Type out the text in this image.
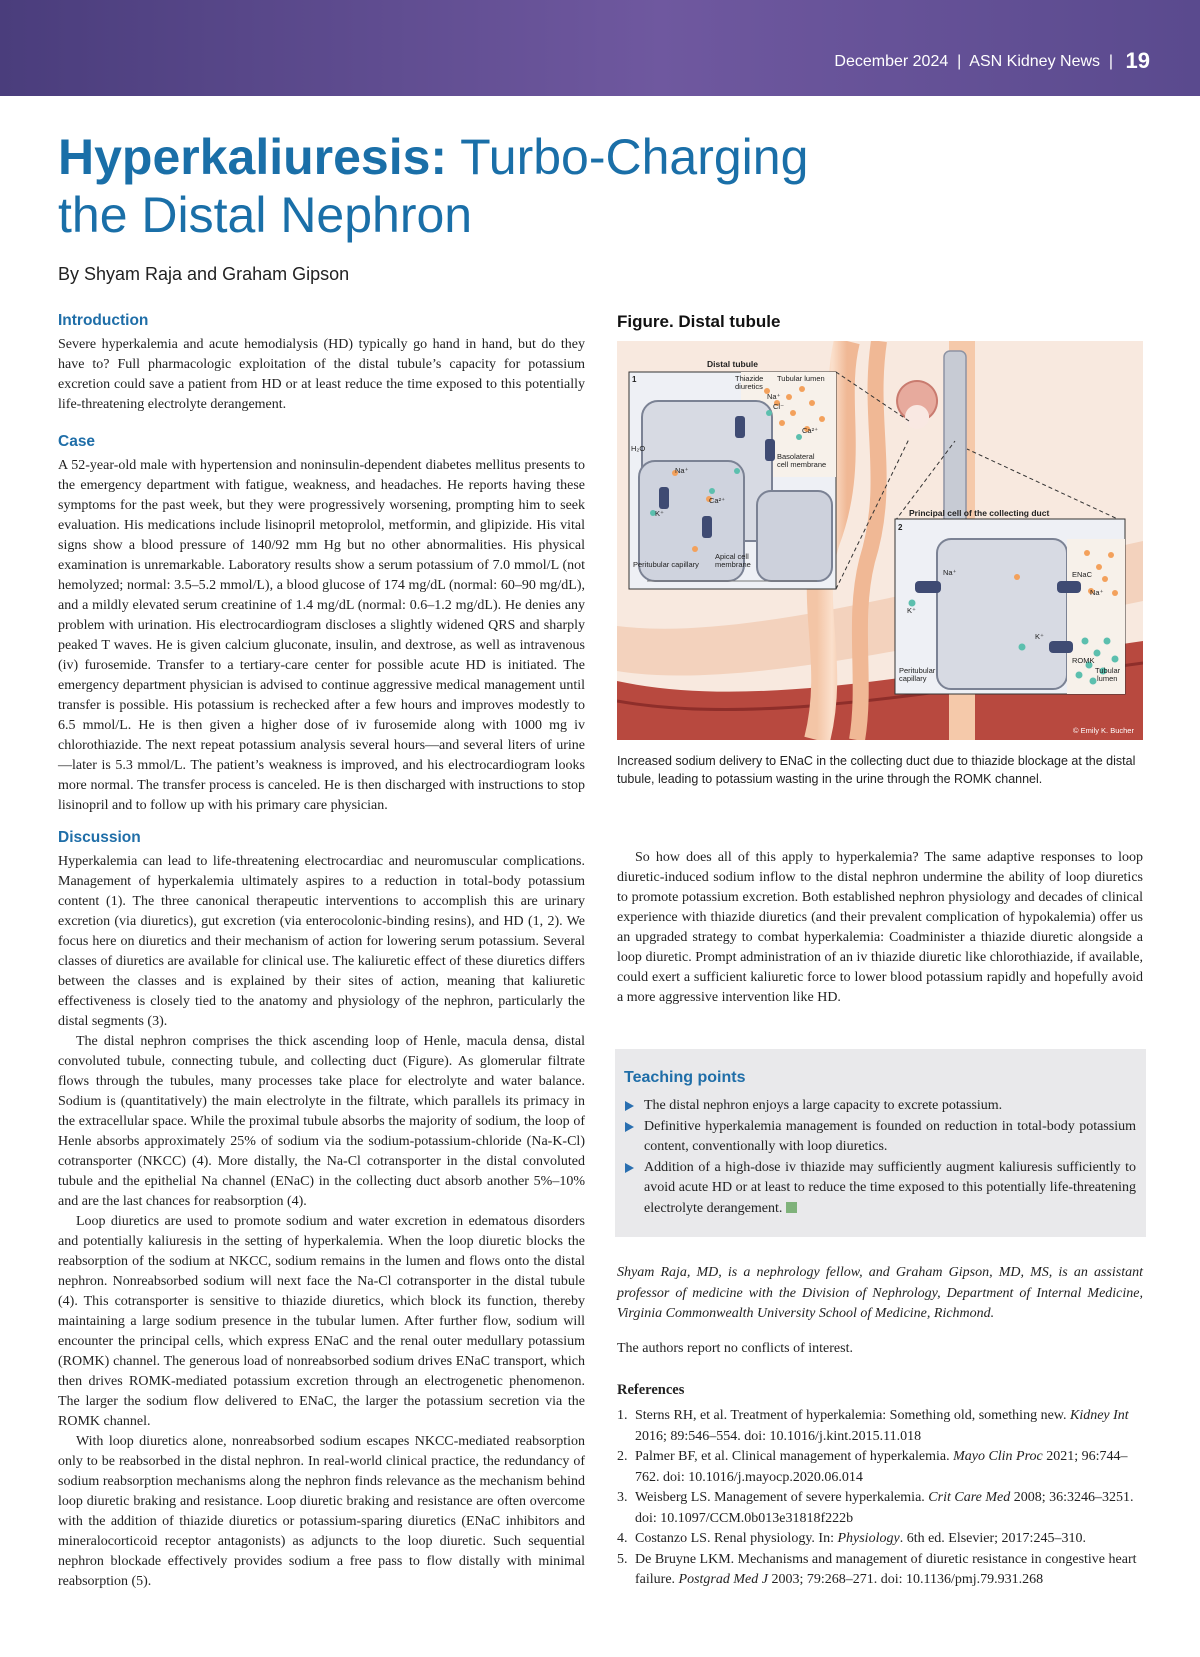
December 2024 | ASN Kidney News | 19
Hyperkaliuresis: Turbo-Charging
the Distal Nephron
By Shyam Raja and Graham Gipson
Introduction

Severe hyperkalemia and acute hemodialysis (HD) typically go hand in hand, but do they have to? Full pharmacologic exploitation of the distal tubule’s capacity for potassium excretion could save a patient from HD or at least reduce the time exposed to this potentially life-threatening electrolyte derangement.

Case

A 52-year-old male with hypertension and noninsulin-dependent diabetes mellitus presents to the emergency department with fatigue, weakness, and headaches. He reports having these symptoms for the past week, but they were progressively worsening, prompting him to seek evaluation. His medications include lisinopril metoprolol, metformin, and glipizide. His vital signs show a blood pressure of 140/92 mm Hg but no other abnormalities. His physical examination is unremarkable. Laboratory results show a serum potassium of 7.0 mmol/L (not hemolyzed; normal: 3.5–5.2 mmol/L), a blood glucose of 174 mg/dL (normal: 60–90 mg/dL), and a mildly elevated serum creatinine of 1.4 mg/dL (normal: 0.6–1.2 mg/dL). He denies any problem with urination. His electrocardiogram discloses a slightly widened QRS and sharply peaked T waves. He is given calcium gluconate, insulin, and dextrose, as well as intravenous (iv) furosemide. Transfer to a tertiary-care center for possible acute HD is initiated. The emergency department physician is advised to continue aggressive medical management until transfer is possible. His potassium is rechecked after a few hours and improves modestly to 6.5 mmol/L. He is then given a higher dose of iv furosemide along with 1000 mg iv chlorothiazide. The next repeat potassium analysis several hours—and several liters of urine—later is 5.3 mmol/L. The patient’s weakness is improved, and his electrocardiogram looks more normal. The transfer process is canceled. He is then discharged with instructions to stop lisinopril and to follow up with his primary care physician.

Discussion

Hyperkalemia can lead to life-threatening electrocardiac and neuromuscular complications. Management of hyperkalemia ultimately aspires to a reduction in total-body potassium content (1). The three canonical therapeutic interventions to accomplish this are urinary excretion (via diuretics), gut excretion (via enterocolonic-binding resins), and HD (1, 2). We focus here on diuretics and their mechanism of action for lowering serum potassium. Several classes of diuretics are available for clinical use. The kaliuretic effect of these diuretics differs between the classes and is explained by their sites of action, meaning that kaliuretic effectiveness is closely tied to the anatomy and physiology of the nephron, particularly the distal segments (3).

The distal nephron comprises the thick ascending loop of Henle, macula densa, distal convoluted tubule, connecting tubule, and collecting duct (Figure). As glomerular filtrate flows through the tubules, many processes take place for electrolyte and water balance. Sodium is (quantitatively) the main electrolyte in the filtrate, which parallels its primacy in the extracellular space. While the proximal tubule absorbs the majority of sodium, the loop of Henle absorbs approximately 25% of sodium via the sodium-potassium-chloride (Na-K-Cl) cotransporter (NKCC) (4). More distally, the Na-Cl cotransporter in the distal convoluted tubule and the epithelial Na channel (ENaC) in the collecting duct absorb another 5%–10% and are the last chances for reabsorption (4).

Loop diuretics are used to promote sodium and water excretion in edematous disorders and potentially kaliuresis in the setting of hyperkalemia. When the loop diuretic blocks the reabsorption of the sodium at NKCC, sodium remains in the lumen and flows onto the distal nephron. Nonreabsorbed sodium will next face the Na-Cl cotransporter in the distal tubule (4). This cotransporter is sensitive to thiazide diuretics, which block its function, thereby maintaining a large sodium presence in the tubular lumen. After further flow, sodium will encounter the principal cells, which express ENaC and the renal outer medullary potassium (ROMK) channel. The generous load of nonreabsorbed sodium drives ENaC transport, which then drives ROMK-mediated potassium excretion through an electrogenetic phenomenon. The larger the sodium flow delivered to ENaC, the larger the potassium secretion via the ROMK channel.

With loop diuretics alone, nonreabsorbed sodium escapes NKCC-mediated reabsorption only to be reabsorbed in the distal nephron. In real-world clinical practice, the redundancy of sodium reabsorption mechanisms along the nephron finds relevance as the mechanism behind loop diuretic braking and resistance. Loop diuretic braking and resistance are often overcome with the addition of thiazide diuretics or potassium-sparing diuretics (ENaC inhibitors and mineralocorticoid receptor antagonists) as adjuncts to the loop diuretic. Such sequential nephron blockade effectively provides sodium a free pass to flow distally with minimal reabsorption (5).

Figure. Distal tubule
Distal tubule
1	Thiazide
diuretics
Tubular lumen
Na⁺
Cl⁻
Ca²⁺
H₂O
Na⁺
K⁺
Ca²⁺
Basolateral
cell membrane
Apical cell
membrane
Peritubular capillary
Principal cell of the collecting duct
2
Na⁺
K⁺
ENaC
Na⁺
K⁺
ROMK
Peritubular
capillary
Tubular
lumen
© Emily K. Bucher
Increased sodium delivery to ENaC in the collecting duct due to thiazide blockage at the distal tubule, leading to potassium wasting in the urine through the ROMK channel.

So how does all of this apply to hyperkalemia? The same adaptive responses to loop diuretic-induced sodium inflow to the distal nephron undermine the ability of loop diuretics to promote potassium excretion. Both established nephron physiology and decades of clinical experience with thiazide diuretics (and their prevalent complication of hypokalemia) offer us an upgraded strategy to combat hyperkalemia: Coadminister a thiazide diuretic alongside a loop diuretic. Prompt administration of an iv thiazide diuretic like chlorothiazide, if available, could exert a sufficient kaliuretic force to lower blood potassium rapidly and hopefully avoid a more aggressive intervention like HD.

Teaching points
The distal nephron enjoys a large capacity to excrete potassium.
Definitive hyperkalemia management is founded on reduction in total-body potassium content, conventionally with loop diuretics.
Addition of a high-dose iv thiazide may sufficiently augment kaliuresis sufficiently to avoid acute HD or at least to reduce the time exposed to this potentially life-threatening electrolyte derangement.
Shyam Raja, MD, is a nephrology fellow, and Graham Gipson, MD, MS, is an assistant professor of medicine with the Division of Nephrology, Department of Internal Medicine, Virginia Commonwealth University School of Medicine, Richmond.
The authors report no conflicts of interest.
References
1. Sterns RH, et al. Treatment of hyperkalemia: Something old, something new. Kidney Int 2016; 89:546–554. doi: 10.1016/j.kint.2015.11.018
2. Palmer BF, et al. Clinical management of hyperkalemia. Mayo Clin Proc 2021; 96:744–762. doi: 10.1016/j.mayocp.2020.06.014
3. Weisberg LS. Management of severe hyperkalemia. Crit Care Med 2008; 36:3246–3251. doi: 10.1097/CCM.0b013e31818f222b
4. Costanzo LS. Renal physiology. In: Physiology. 6th ed. Elsevier; 2017:245–310.
5. De Bruyne LKM. Mechanisms and management of diuretic resistance in congestive heart failure. Postgrad Med J 2003; 79:268–271. doi: 10.1136/pmj.79.931.268
